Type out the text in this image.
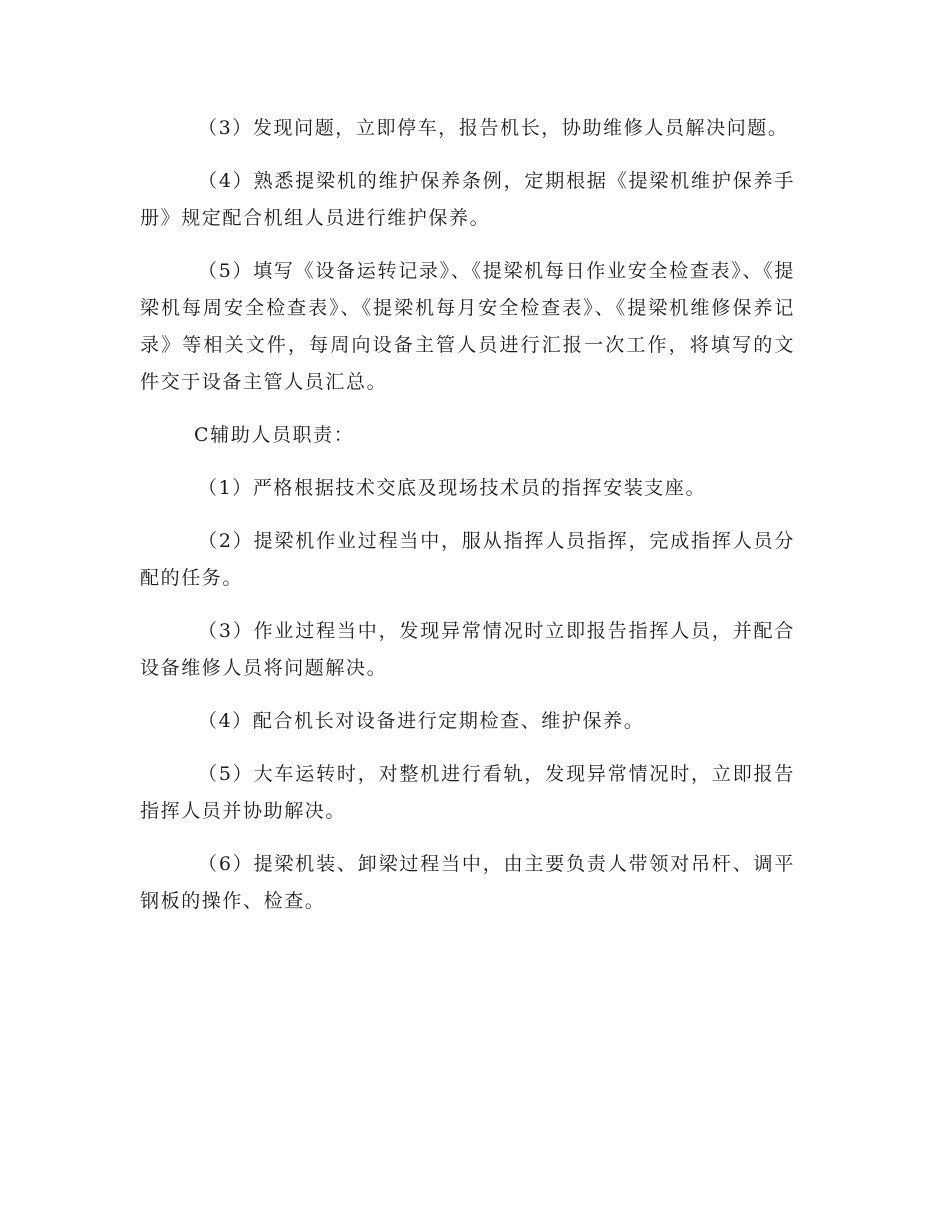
（3）发现问题，立即停车，报告机长，协助维修人员解决问题。

（4）熟悉提梁机的维护保养条例，定期根据《提梁机维护保养手册》规定配合机组人员进行维护保养。

（5）填写《设备运转记录》、《提梁机每日作业安全检查表》、《提梁机每周安全检查表》、《提梁机每月安全检查表》、《提梁机维修保养记录》等相关文件，每周向设备主管人员进行汇报一次工作，将填写的文件交于设备主管人员汇总。

C辅助人员职责：

（1）严格根据技术交底及现场技术员的指挥安装支座。

（2）提梁机作业过程当中，服从指挥人员指挥，完成指挥人员分配的任务。

（3）作业过程当中，发现异常情况时立即报告指挥人员，并配合设备维修人员将问题解决。

（4）配合机长对设备进行定期检查、维护保养。

（5）大车运转时，对整机进行看轨，发现异常情况时，立即报告指挥人员并协助解决。

（6）提梁机装、卸梁过程当中，由主要负责人带领对吊杆、调平钢板的操作、检查。
